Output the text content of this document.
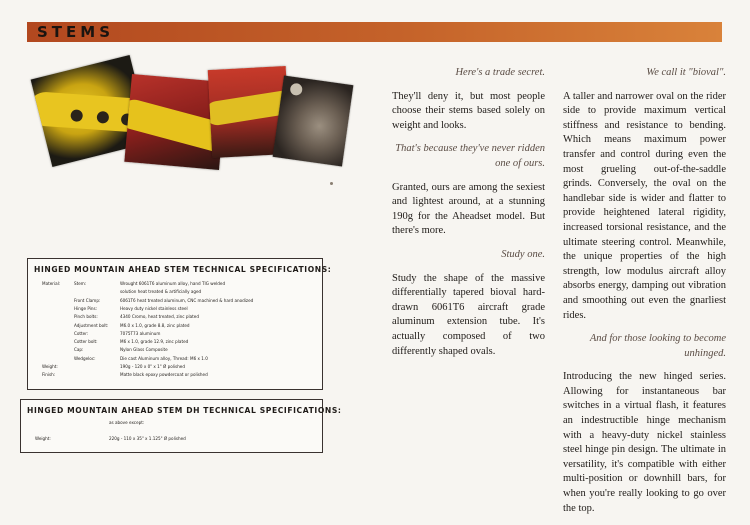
STEMS

Here's a trade secret.

They'll deny it, but most people choose their stems based solely on weight and looks.

That's because they've never ridden one of ours.

Granted, ours are among the sexiest and lightest around, at a stunning 190g for the Aheadset model. But there's more.

Study one.

Study the shape of the massive differentially tapered bioval hard-drawn 6061T6 aircraft grade aluminum extension tube. It's actually composed of two differently shaped ovals.

We call it "bioval".

A taller and narrower oval on the rider side to provide maximum vertical stiffness and resistance to bending. Which means maximum power transfer and control during even the most grueling out-of-the-saddle grinds. Conversely, the oval on the handlebar side is wider and flatter to provide heightened lateral rigidity, increased torsional resistance, and the ultimate steering control. Meanwhile, the unique properties of the high strength, low modulus aircraft alloy absorbs energy, damping out vibration and smoothing out even the gnarliest rides.

And for those looking to become unhinged.

Introducing the new hinged series. Allowing for instantaneous bar switches in a virtual flash, it features an indestructible hinge mechanism with a heavy-duty nickel stainless steel hinge pin design. The ultimate in versatility, it's compatible with either multi-position or downhill bars, for when you're really looking to go over the top.

HINGED MOUNTAIN AHEAD STEM TECHNICAL SPECIFICATIONS:
Material:	Stem:	Wrought 6061T6 aluminum alloy, hand TIG welded
solution heat treated & artificially aged
Front Clamp:	6061T6 heat treated aluminum, CNC machined & hard anodized
Hinge Pins:	Heavy duty nickel stainless steel
Pinch bolts:	4340 Cromo, heat treated, zinc plated
Adjustment bolt:	M6.0 x 1.0, grade 8.8, zinc plated
Cotter:	7075T73 aluminum
Cotter bolt:	M6 x 1.0, grade 12.9, zinc plated
Cap:	Nylon Glass Composite
Wedgeloc:	Die cast Aluminum alloy, Thread: M6 x 1.0
Weight:	190g - 120 x 0" x 1" Ø polished
Finish:	Matte black epoxy powdercoat or polished
HINGED MOUNTAIN AHEAD STEM DH TECHNICAL SPECIFICATIONS:
as above except:
Weight:	220g - 110 x 35" x 1.125" Ø polished
